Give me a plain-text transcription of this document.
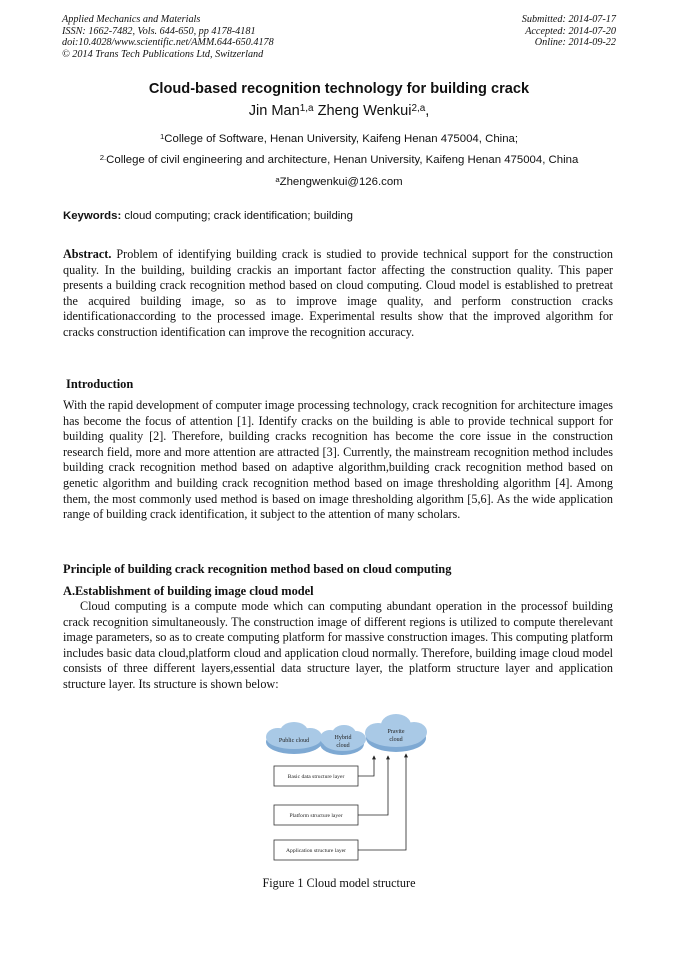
Applied Mechanics and Materials
ISSN: 1662-7482, Vols. 644-650, pp 4178-4181
doi:10.4028/www.scientific.net/AMM.644-650.4178
© 2014 Trans Tech Publications Ltd, Switzerland
Submitted: 2014-07-17
Accepted: 2014-07-20
Online: 2014-09-22
Cloud-based recognition technology for building crack
Jin Man$^{1,a}$ Zheng Wenkui$^{2,a}$,
$^1$College of Software, Henan University, Kaifeng Henan 475004, China;
$^{2.}$College of civil engineering and architecture, Henan University, Kaifeng Henan 475004, China
$^a$Zhengwenkui@126.com
Keywords: cloud computing; crack identification; building
Abstract. Problem of identifying building crack is studied to provide technical support for the construction quality. In the building, building crackis an important factor affecting the construction quality. This paper presents a building crack recognition method based on cloud computing. Cloud model is established to pretreat the acquired building image, so as to improve image quality, and perform construction cracks identificationaccording to the processed image. Experimental results show that the improved algorithm for cracks construction identification can improve the recognition accuracy.
Introduction
With the rapid development of computer image processing technology, crack recognition for architecture images has become the focus of attention [1]. Identify cracks on the building is able to provide technical support for building quality [2]. Therefore, building cracks recognition has become the core issue in the construction research field, more and more attention are attracted [3]. Currently, the mainstream recognition method includes building crack recognition method based on adaptive algorithm,building crack recognition method based on genetic algorithm and building crack recognition method based on image thresholding algorithm [4]. Among them, the most commonly used method is based on image thresholding algorithm [5,6]. As the wide application range of building crack identification, it subject to the attention of many scholars.
Principle of building crack recognition method based on cloud computing
A.Establishment of building image cloud model
Cloud computing is a compute mode which can computing abundant operation in the processof building crack recognition simultaneously. The construction image of different regions is utilized to compute therelevant image parameters, so as to create computing platform for massive construction images. This computing platform includes basic data cloud,platform cloud and application cloud normally. Therefore, building image cloud model consists of three different layers,essential data structure layer, the platform structure layer and application structure layer. Its structure is shown below:
Public cloud	Hybrid
cloud
Pravite
cloud
Basic data structure layer
Platform structure layer
Application structure layer
Figure 1 Cloud model structure
